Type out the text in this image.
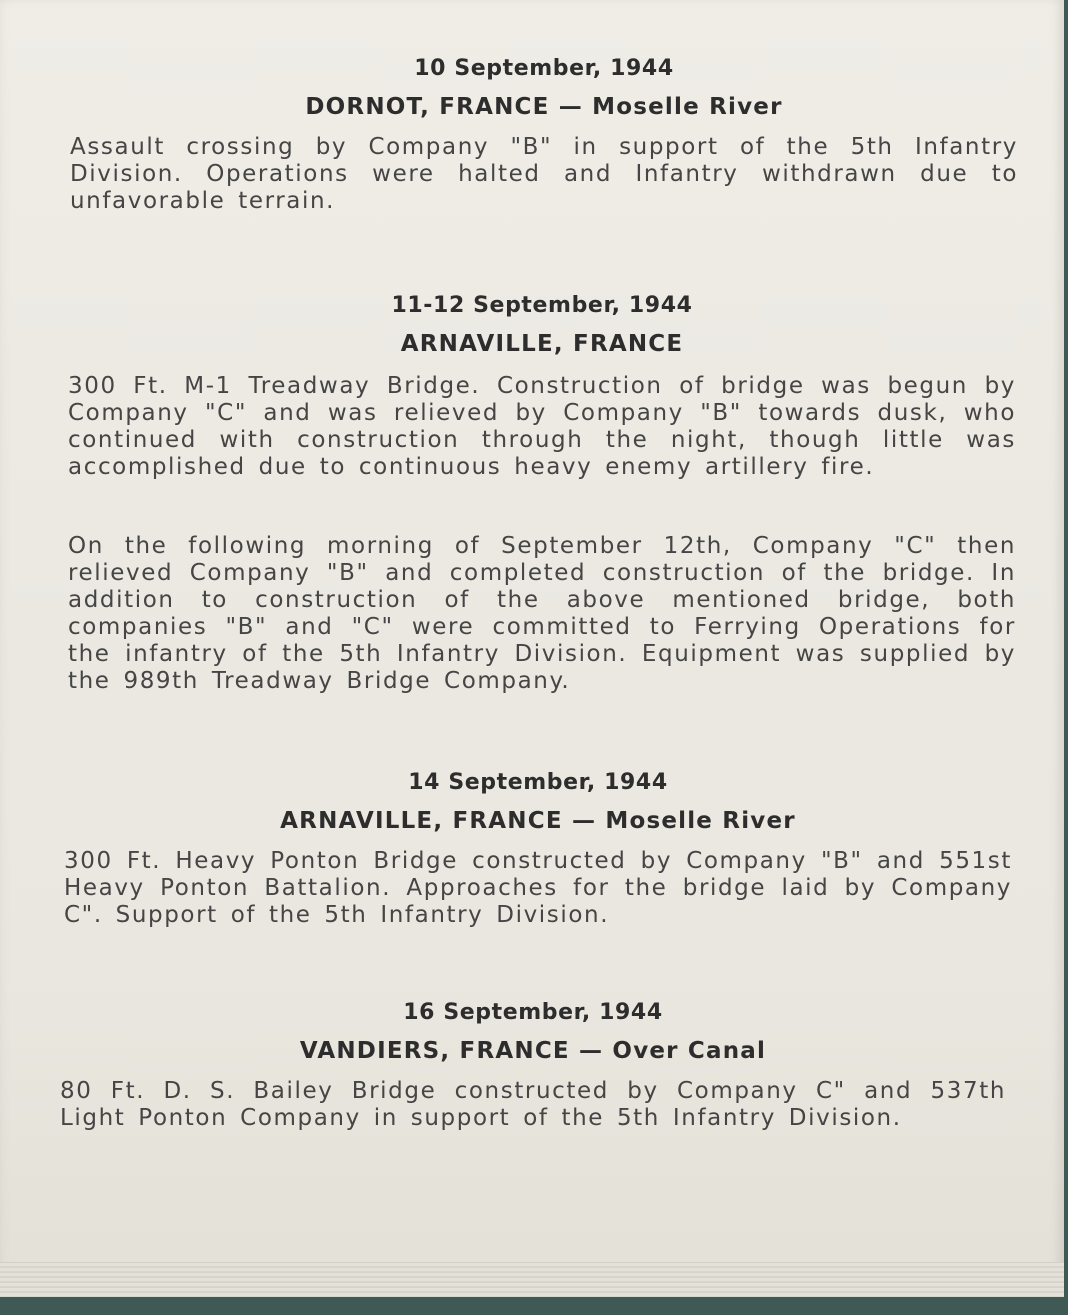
10 September, 1944
DORNOT, FRANCE — Moselle River

Assault crossing by Company "B" in support of the 5th Infantry Division. Operations were halted and Infantry withdrawn due to unfavorable terrain.

11-12 September, 1944
ARNAVILLE, FRANCE

300 Ft. M-1 Treadway Bridge. Construction of bridge was begun by Company "C" and was relieved by Company "B" towards dusk, who continued with construction through the night, though little was accomplished due to continuous heavy enemy artillery fire.

On the following morning of September 12th, Company "C" then relieved Company "B" and completed construction of the bridge. In addition to construction of the above mentioned bridge, both companies "B" and "C" were committed to Ferrying Operations for the infantry of the 5th Infantry Division. Equipment was supplied by the 989th Treadway Bridge Company.

14 September, 1944
ARNAVILLE, FRANCE — Moselle River

300 Ft. Heavy Ponton Bridge constructed by Company "B" and 551st Heavy Ponton Battalion. Approaches for the bridge laid by Company C". Support of the 5th Infantry Division.

16 September, 1944
VANDIERS, FRANCE — Over Canal

80 Ft. D. S. Bailey Bridge constructed by Company C" and 537th Light Ponton Company in support of the 5th Infantry Division.
